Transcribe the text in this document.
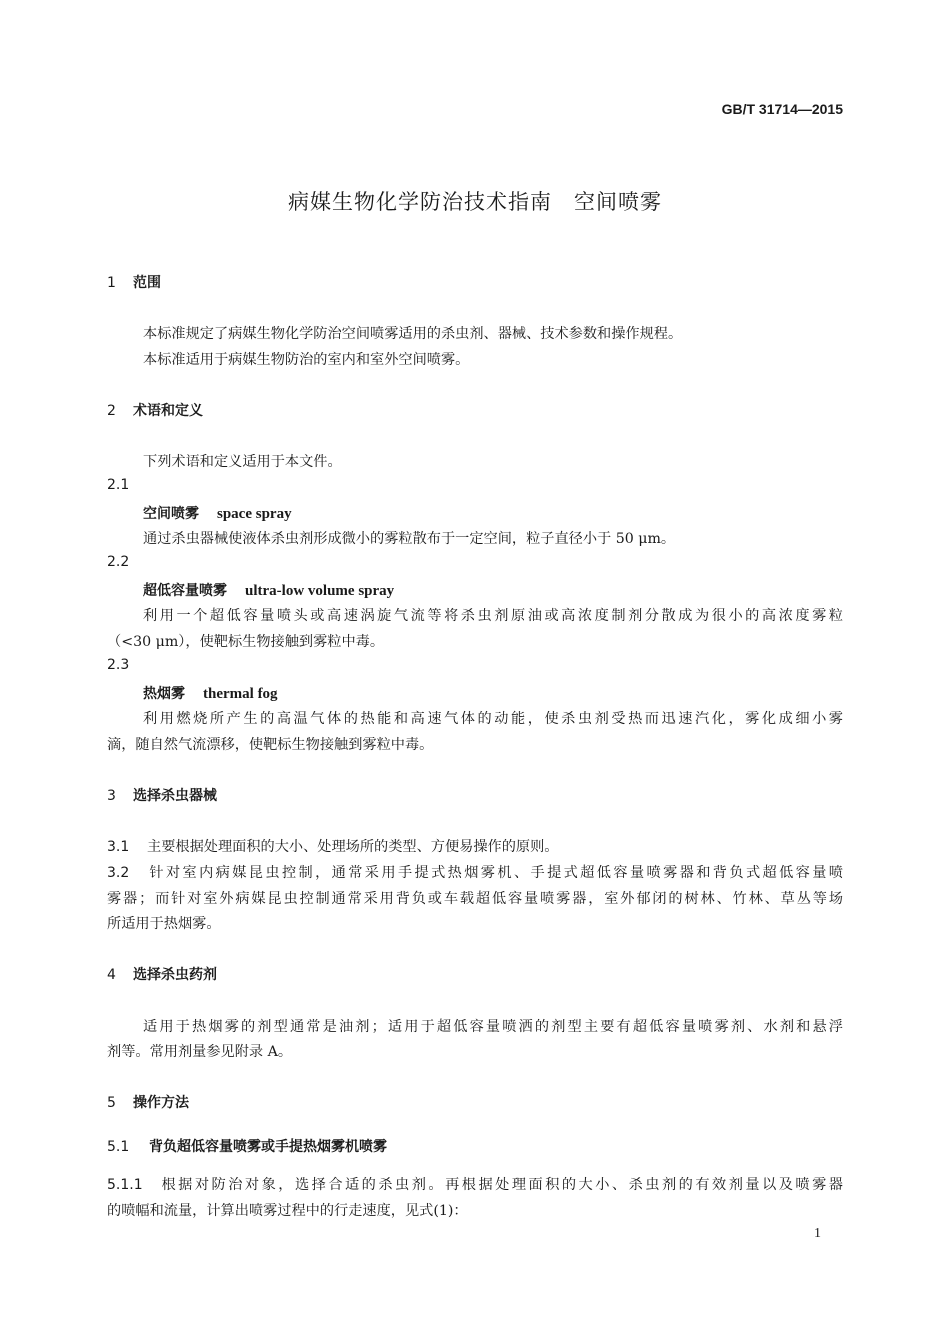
GB/T 31714—2015
病媒生物化学防治技术指南　空间喷雾
1 范围
本标准规定了病媒生物化学防治空间喷雾适用的杀虫剂、器械、技术参数和操作规程。
本标准适用于病媒生物防治的室内和室外空间喷雾。
2 术语和定义
下列术语和定义适用于本文件。
2.1
空间喷雾 space spray
通过杀虫器械使液体杀虫剂形成微小的雾粒散布于一定空间，粒子直径小于 50 μm。
2.2
超低容量喷雾 ultra-low volume spray
利用一个超低容量喷头或高速涡旋气流等将杀虫剂原油或高浓度制剂分散成为很小的高浓度雾粒
（<30 μm），使靶标生物接触到雾粒中毒。
2.3
热烟雾 thermal fog
利用燃烧所产生的高温气体的热能和高速气体的动能，使杀虫剂受热而迅速汽化，雾化成细小雾
滴，随自然气流漂移，使靶标生物接触到雾粒中毒。
3 选择杀虫器械
3.1 主要根据处理面积的大小、处理场所的类型、方便易操作的原则。
3.2 针对室内病媒昆虫控制，通常采用手提式热烟雾机、手提式超低容量喷雾器和背负式超低容量喷
雾器；而针对室外病媒昆虫控制通常采用背负或车载超低容量喷雾器，室外郁闭的树林、竹林、草丛等场
所适用于热烟雾。
4 选择杀虫药剂
适用于热烟雾的剂型通常是油剂；适用于超低容量喷洒的剂型主要有超低容量喷雾剂、水剂和悬浮
剂等。常用剂量参见附录 A。
5 操作方法
5.1 背负超低容量喷雾或手提热烟雾机喷雾
5.1.1 根据对防治对象，选择合适的杀虫剂。再根据处理面积的大小、杀虫剂的有效剂量以及喷雾器
的喷幅和流量，计算出喷雾过程中的行走速度，见式(1)：
1
